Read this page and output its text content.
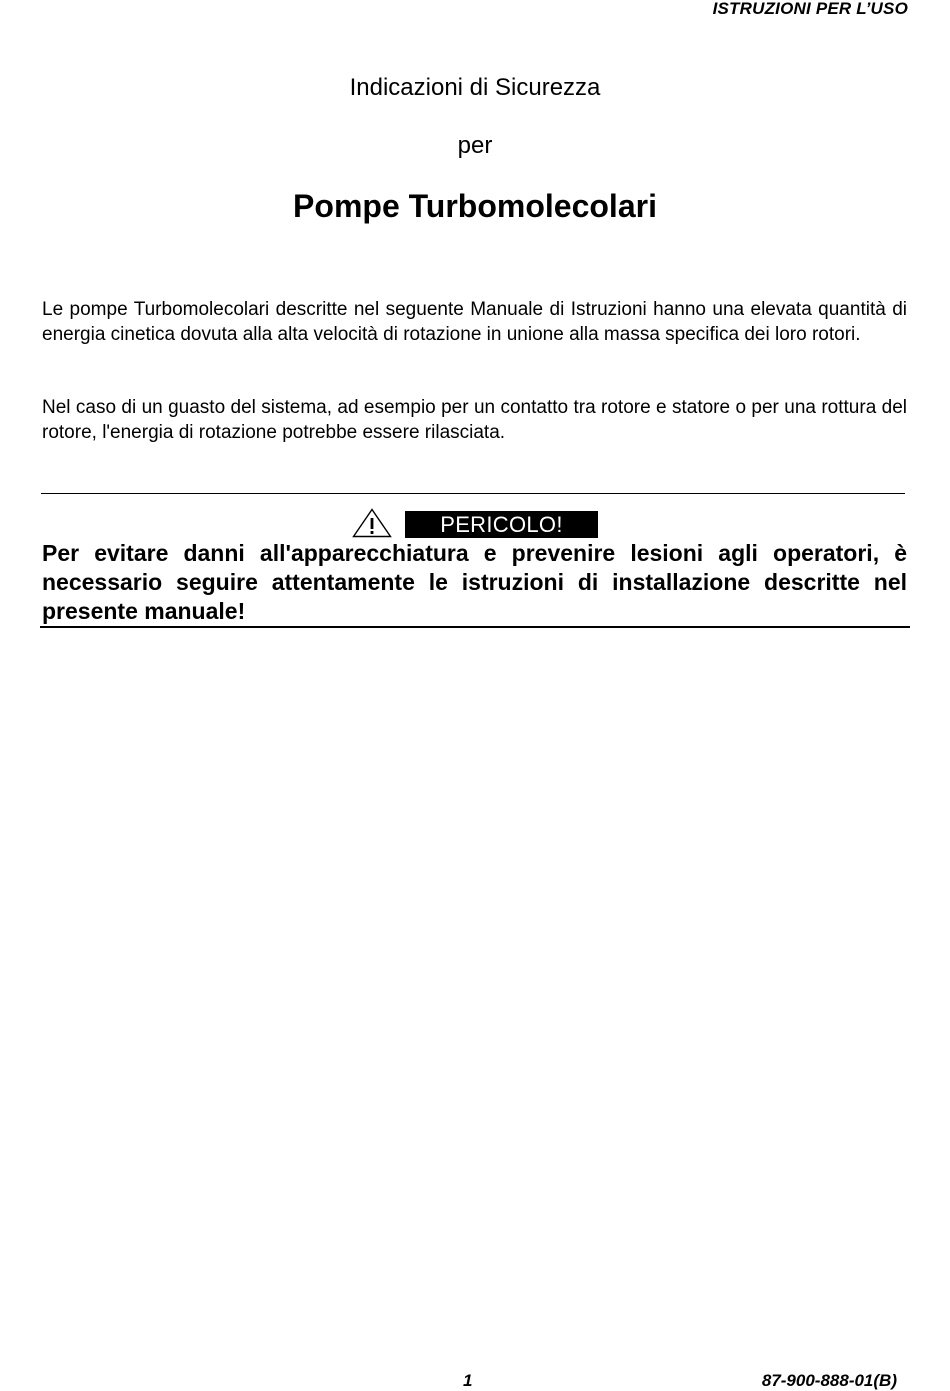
ISTRUZIONI PER L’USO
Indicazioni di Sicurezza
per
Pompe Turbomolecolari

Le pompe Turbomolecolari descritte nel seguente Manuale di Istruzioni hanno una elevata quantità di energia cinetica dovuta alla alta velocità di rotazione in unione alla massa specifica dei loro rotori.

Nel caso di un guasto del sistema, ad esempio per un contatto tra rotore e statore o per una rottura del rotore, l'energia di rotazione potrebbe essere rilasciata.

PERICOLO!

Per evitare danni all'apparecchiatura e prevenire lesioni agli operatori, è necessario seguire attentamente le istruzioni di installazione descritte nel presente manuale!

1	87-900-888-01(B)
